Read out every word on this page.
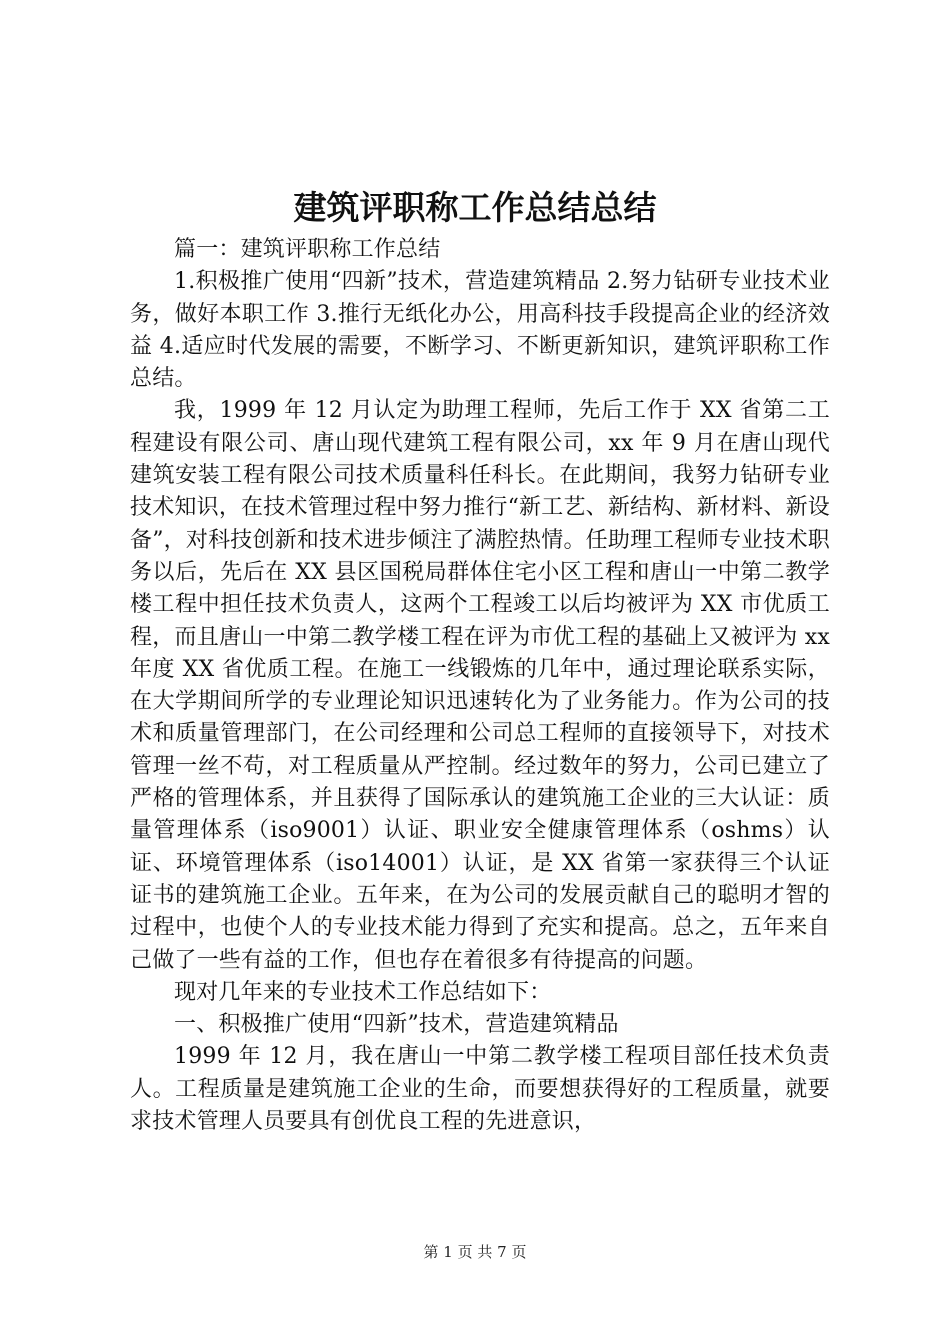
建筑评职称工作总结总结

篇一：建筑评职称工作总结

1.积极推广使用“四新”技术，营造建筑精品 2.努力钻研专业技术业务，做好本职工作 3.推行无纸化办公，用高科技手段提高企业的经济效益 4.适应时代发展的需要，不断学习、不断更新知识，建筑评职称工作总结。

我，1999 年 12 月认定为助理工程师，先后工作于 XX 省第二工程建设有限公司、唐山现代建筑工程有限公司，xx 年 9 月在唐山现代建筑安装工程有限公司技术质量科任科长。在此期间，我努力钻研专业技术知识，在技术管理过程中努力推行“新工艺、新结构、新材料、新设备”，对科技创新和技术进步倾注了满腔热情。任助理工程师专业技术职务以后，先后在 XX 县区国税局群体住宅小区工程和唐山一中第二教学楼工程中担任技术负责人，这两个工程竣工以后均被评为 XX 市优质工程，而且唐山一中第二教学楼工程在评为市优工程的基础上又被评为 xx 年度 XX 省优质工程。在施工一线锻炼的几年中，通过理论联系实际，在大学期间所学的专业理论知识迅速转化为了业务能力。作为公司的技术和质量管理部门，在公司经理和公司总工程师的直接领导下，对技术管理一丝不苟，对工程质量从严控制。经过数年的努力，公司已建立了严格的管理体系，并且获得了国际承认的建筑施工企业的三大认证：质量管理体系（iso9001）认证、职业安全健康管理体系（oshms）认证、环境管理体系（iso14001）认证，是 XX 省第一家获得三个认证证书的建筑施工企业。五年来，在为公司的发展贡献自己的聪明才智的过程中，也使个人的专业技术能力得到了充实和提高。总之，五年来自己做了一些有益的工作，但也存在着很多有待提高的问题。

现对几年来的专业技术工作总结如下：

一、积极推广使用“四新”技术，营造建筑精品

1999 年 12 月，我在唐山一中第二教学楼工程项目部任技术负责人。工程质量是建筑施工企业的生命，而要想获得好的工程质量，就要求技术管理人员要具有创优良工程的先进意识，

第 1 页 共 7 页
